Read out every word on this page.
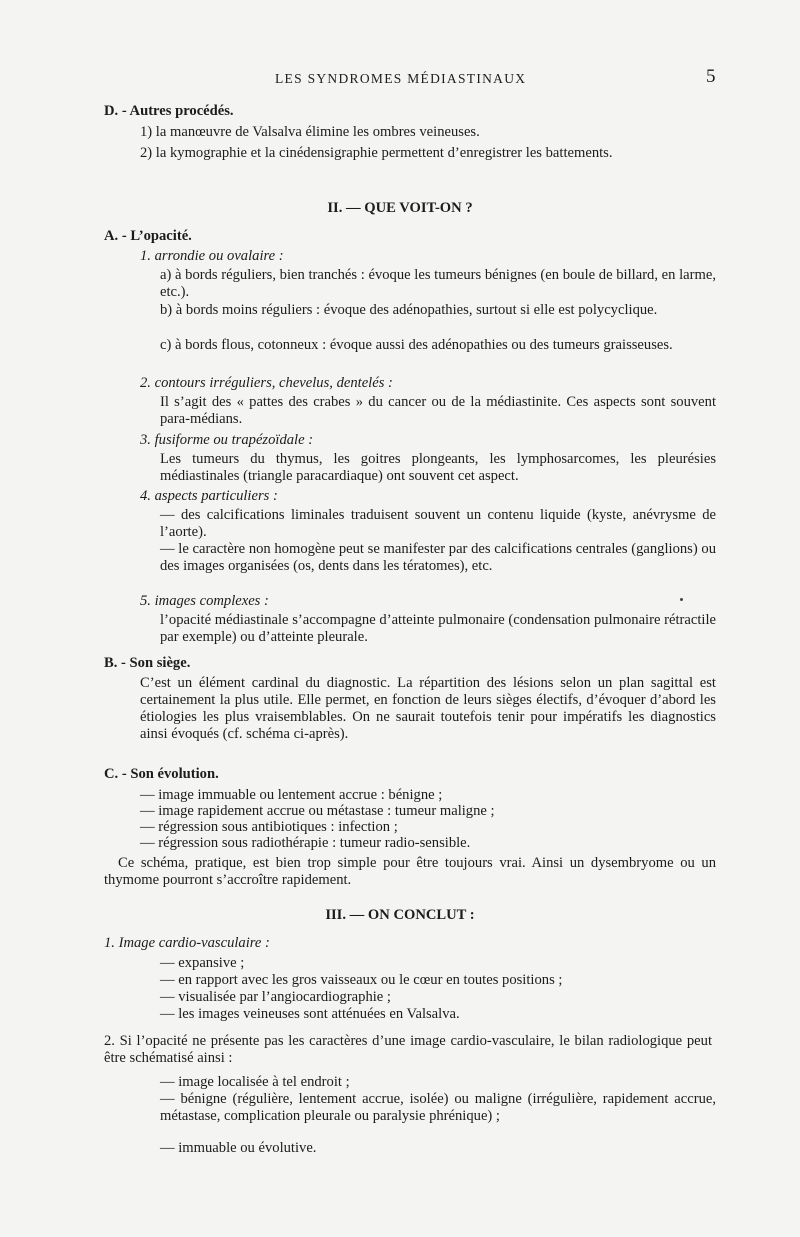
LES SYNDROMES MÉDIASTINAUX	5
D. - Autres procédés.
1) la manœuvre de Valsalva élimine les ombres veineuses.
2) la kymographie et la cinédensigraphie permettent d’enregistrer les battements.
II. — QUE VOIT-ON ?
A. - L’opacité.
1. arrondie ou ovalaire :
a) à bords réguliers, bien tranchés : évoque les tumeurs bénignes (en boule de billard, en larme, etc.).
b) à bords moins réguliers : évoque des adénopathies, surtout si elle est polycyclique.
c) à bords flous, cotonneux : évoque aussi des adénopathies ou des tumeurs graisseuses.
2. contours irréguliers, chevelus, dentelés :
Il s’agit des « pattes des crabes » du cancer ou de la médiastinite. Ces aspects sont souvent para-médians.
3. fusiforme ou trapézoïdale :
Les tumeurs du thymus, les goitres plongeants, les lymphosarcomes, les pleurésies médiastinales (triangle paracardiaque) ont souvent cet aspect.
4. aspects particuliers :
— des calcifications liminales traduisent souvent un contenu liquide (kyste, anévrysme de l’aorte).
— le caractère non homogène peut se manifester par des calcifications centrales (ganglions) ou des images organisées (os, dents dans les tératomes), etc.
5. images complexes :
l’opacité médiastinale s’accompagne d’atteinte pulmonaire (condensation pulmonaire rétractile par exemple) ou d’atteinte pleurale.
B. - Son siège.
C’est un élément cardinal du diagnostic. La répartition des lésions selon un plan sagittal est certainement la plus utile. Elle permet, en fonction de leurs sièges électifs, d’évoquer d’abord les étiologies les plus vraisemblables. On ne saurait toutefois tenir pour impératifs les diagnostics ainsi évoqués (cf. schéma ci-après).
C. - Son évolution.
— image immuable ou lentement accrue : bénigne ;
— image rapidement accrue ou métastase : tumeur maligne ;
— régression sous antibiotiques : infection ;
— régression sous radiothérapie : tumeur radio-sensible.
Ce schéma, pratique, est bien trop simple pour être toujours vrai. Ainsi un dysembryome ou un thymome pourront s’accroître rapidement.
III. — ON CONCLUT :
1. Image cardio-vasculaire :
— expansive ;
— en rapport avec les gros vaisseaux ou le cœur en toutes positions ;
— visualisée par l’angiocardiographie ;
— les images veineuses sont atténuées en Valsalva.
2. Si l’opacité ne présente pas les caractères d’une image cardio-vasculaire, le bilan radiologique peut être schématisé ainsi :
— image localisée à tel endroit ;
— bénigne (régulière, lentement accrue, isolée) ou maligne (irrégulière, rapidement accrue, métastase, complication pleurale ou paralysie phrénique) ;
— immuable ou évolutive.
